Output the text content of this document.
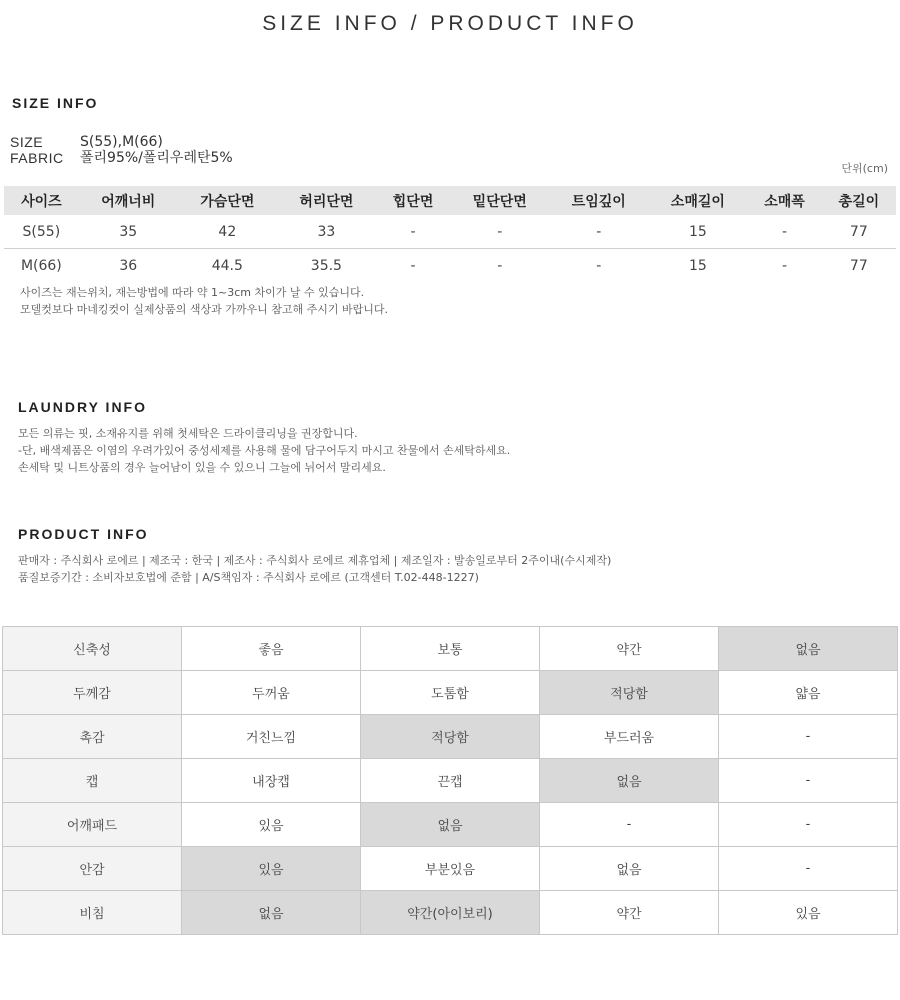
SIZE INFO / PRODUCT INFO
SIZE INFO
SIZE	S(55),M(66)
FABRIC	폴리95%/폴리우레탄5%
단위(cm)
사이즈	어깨너비	가슴단면	허리단면	힙단면	밑단단면	트임깊이	소매길이	소매폭	총길이
S(55)	35	42	33	-	-	-	15	-	77
M(66)	36	44.5	35.5	-	-	-	15	-	77
사이즈는 재는위치, 재는방법에 따라 약 1~3cm 차이가 날 수 있습니다.
모델컷보다 마네킹컷이 실제상품의 색상과 가까우니 참고해 주시기 바랍니다.
LAUNDRY INFO
모든 의류는 핏, 소재유지를 위해 첫세탁은 드라이클리닝을 권장합니다.
-단, 배색제품은 이염의 우려가있어 중성세제를 사용해 물에 담구어두지 마시고 찬물에서 손세탁하세요.
손세탁 및 니트상품의 경우 늘어남이 있을 수 있으니 그늘에 뉘어서 말리세요.
PRODUCT INFO
판매자 : 주식회사 로에르 | 제조국 : 한국 | 제조사 : 주식회사 로에르 제휴업체 | 제조일자 : 발송일로부터 2주이내(수시제작)
품질보증기간 : 소비자보호법에 준함 | A/S책임자 : 주식회사 로에르 (고객센터 T.02-448-1227)
신축성	좋음	보통	약간	없음
두께감	두꺼움	도톰함	적당함	얇음
촉감	거친느낌	적당함	부드러움	-
캡	내장캡	끈캡	없음	-
어깨패드	있음	없음	-	-
안감	있음	부분있음	없음	-
비침	없음	약간(아이보리)	약간	있음
